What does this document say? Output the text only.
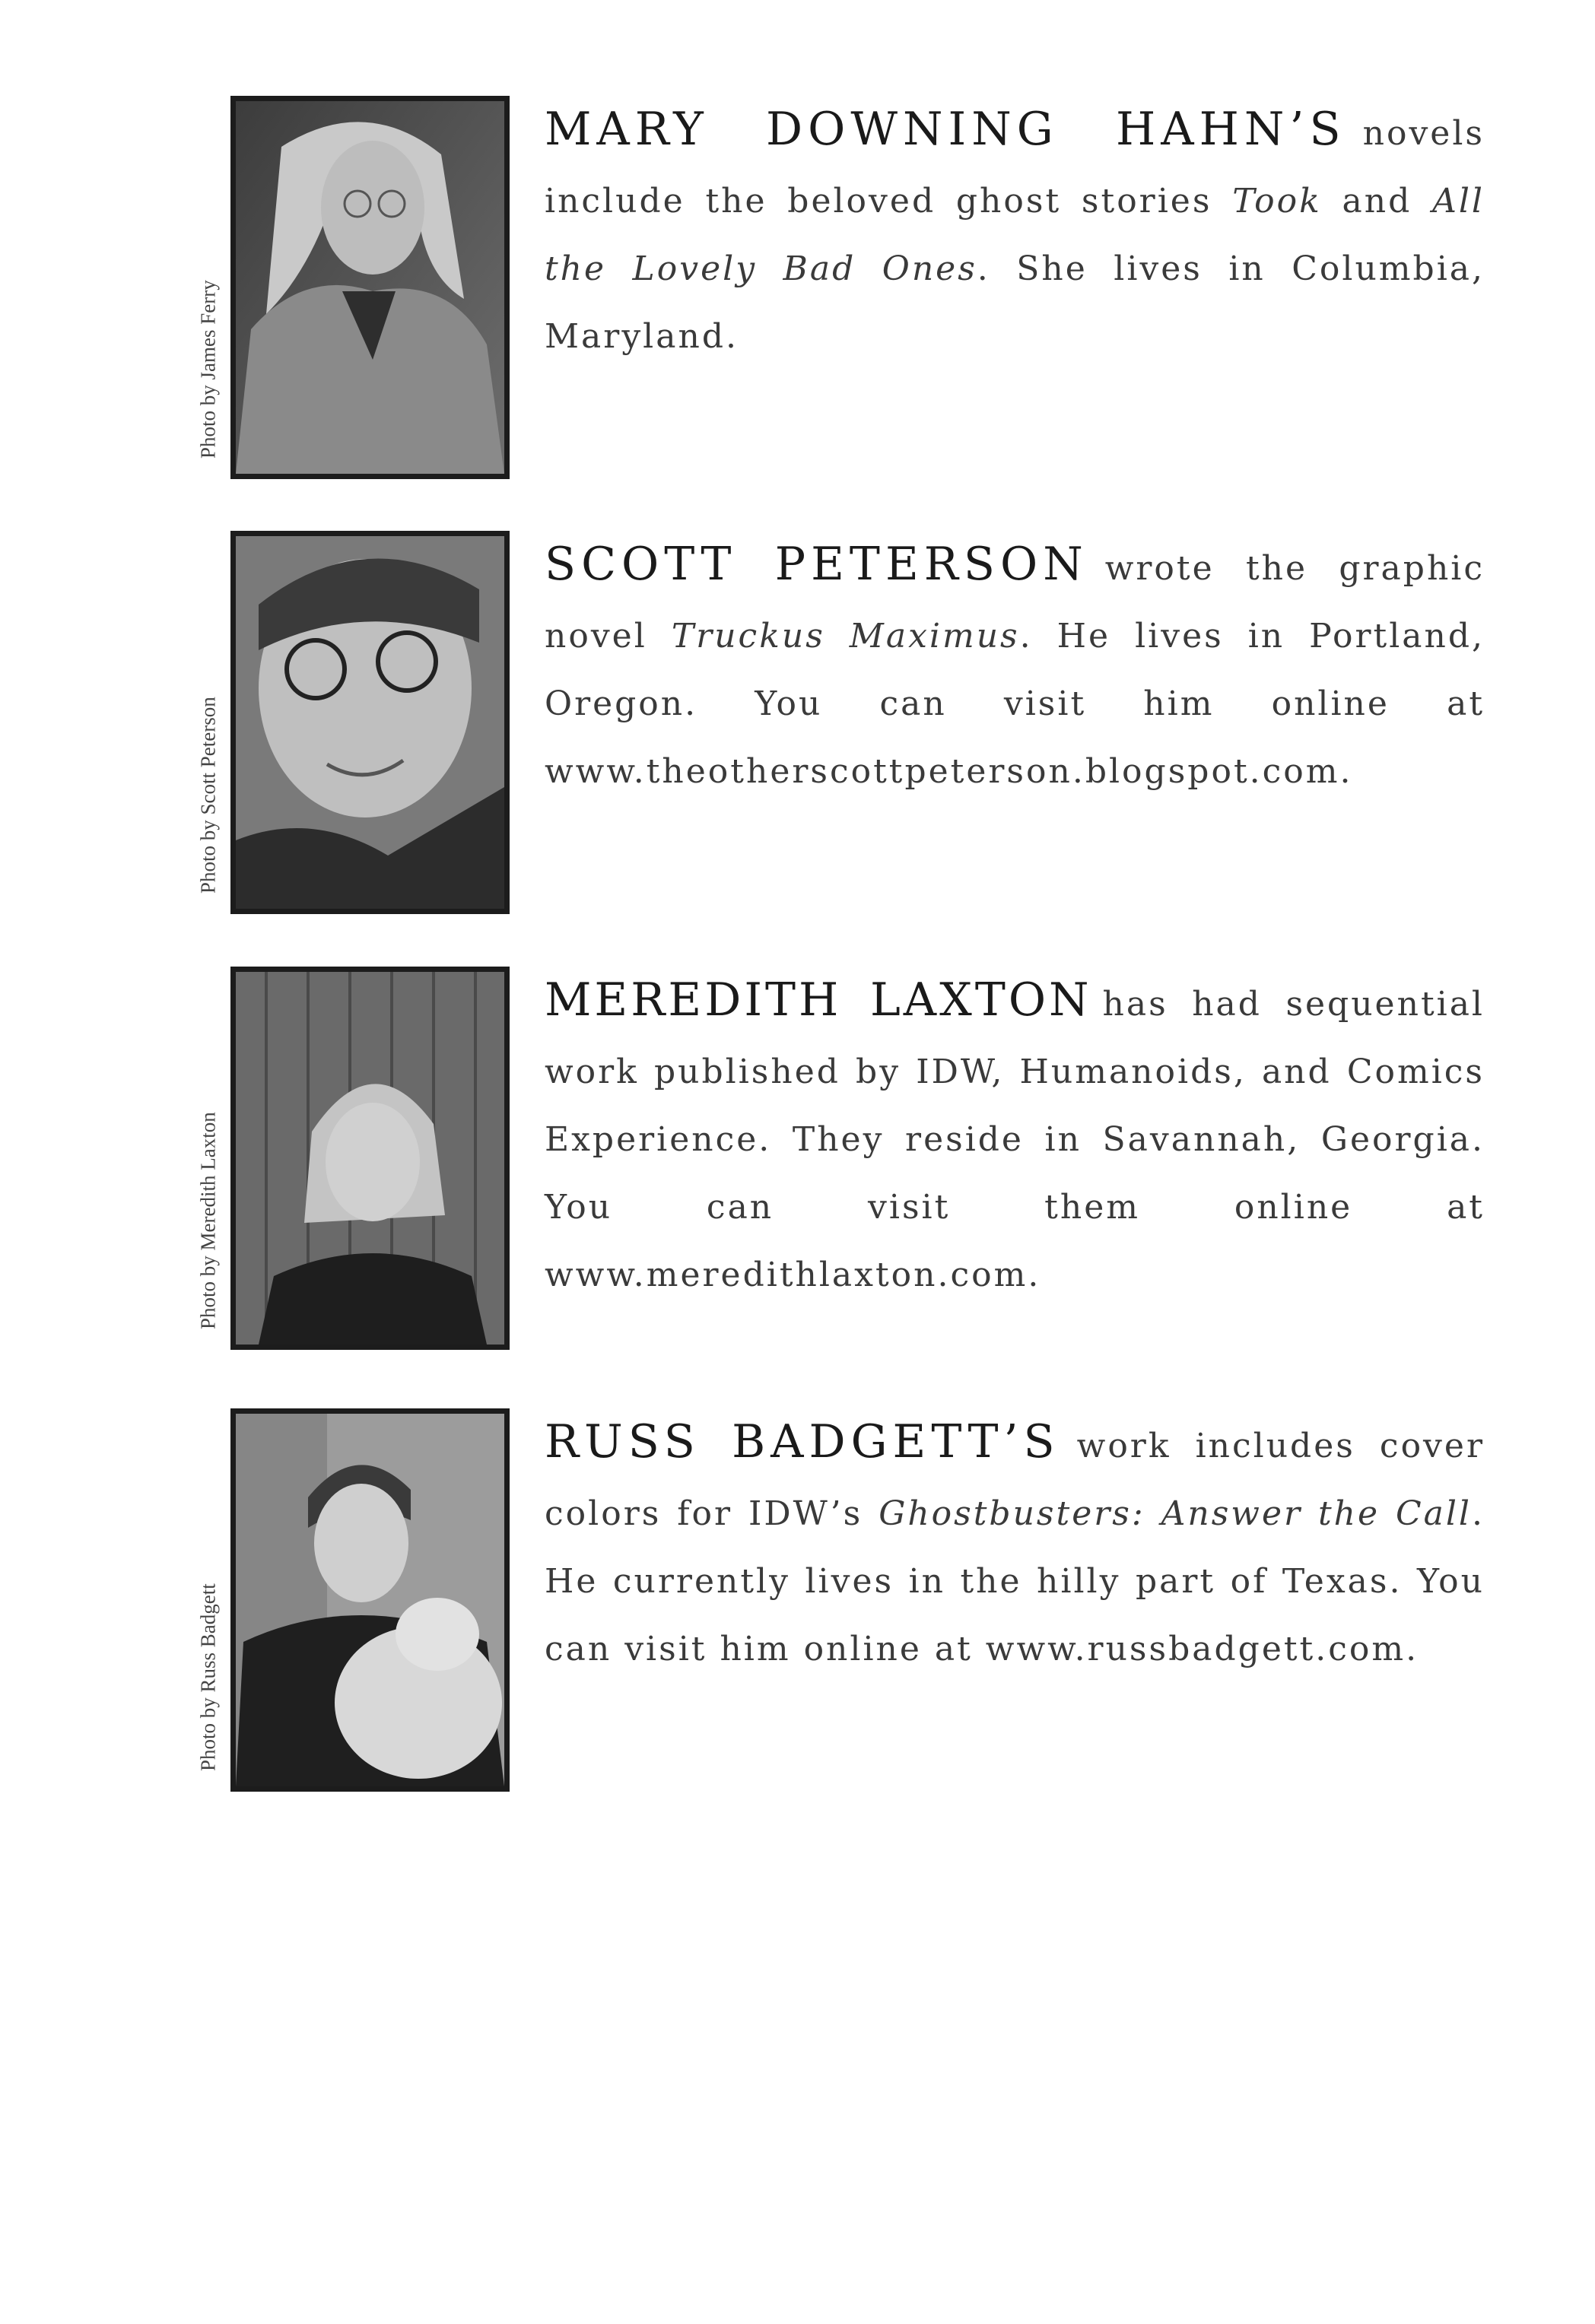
Photo by James Ferry
MARY DOWNING HAHN’S novels include the beloved ghost stories Took and All the Lovely Bad Ones. She lives in Columbia, Maryland.
Photo by Scott Peterson
SCOTT PETERSON wrote the graphic novel Truckus Maximus. He lives in Portland, Oregon. You can visit him online at www.theotherscottpeterson.blogspot.com.
Photo by Meredith Laxton
MEREDITH LAXTON has had sequential work published by IDW, Humanoids, and Comics Experience. They reside in Savannah, Georgia. You can visit them online at www.meredithlaxton.com.
Photo by Russ Badgett
RUSS BADGETT’S work includes cover colors for IDW’s Ghostbusters: Answer the Call. He currently lives in the hilly part of Texas. You can visit him online at www.russbadgett.com.
